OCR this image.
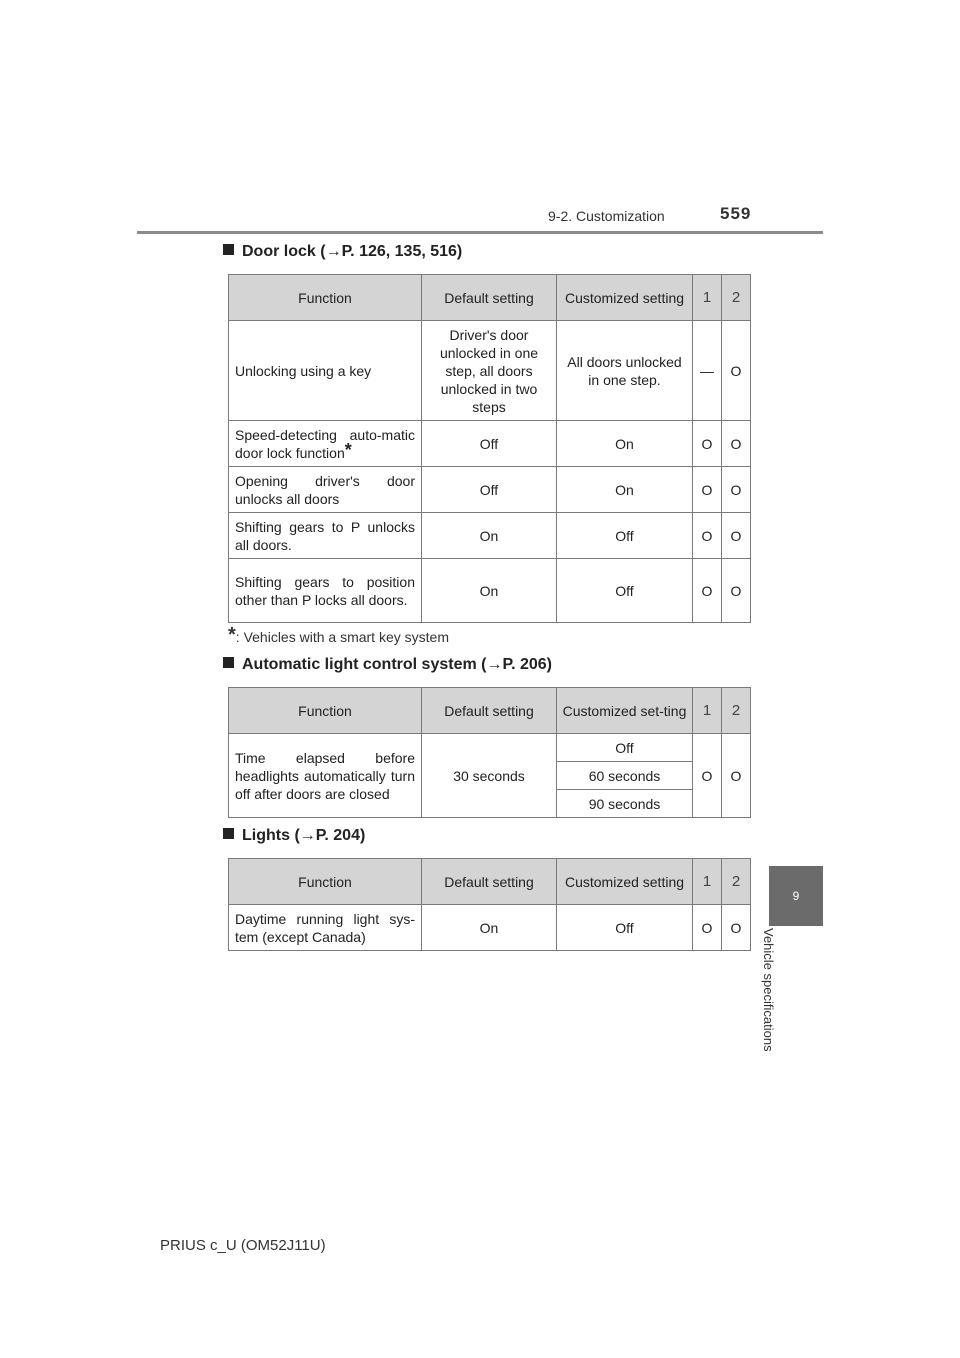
9-2. Customization	559
9
Vehicle specifications
Door lock (→P. 126, 135, 516)
Function	Default setting	Customized setting	1	2
Unlocking using a key	Driver's door unlocked in one step, all doors unlocked in two steps	All doors unlocked in one step.	—	O
Speed-detecting auto-matic door lock function*	Off	On	O	O
Opening driver's door unlocks all doors	Off	On	O	O
Shifting gears to P unlocks all doors.	On	Off	O	O
Shifting gears to position other than P locks all doors.	On	Off	O	O
*: Vehicles with a smart key system
Automatic light control system (→P. 206)
Function	Default setting	Customized set-ting	1	2
Time elapsed before headlights automatically turn off after doors are closed	30 seconds	Off	O	O
		60 seconds		
		90 seconds		
Lights (→P. 204)
Function	Default setting	Customized setting	1	2
Daytime running light sys-tem (except Canada)	On	Off	O	O
PRIUS c_U (OM52J11U)
